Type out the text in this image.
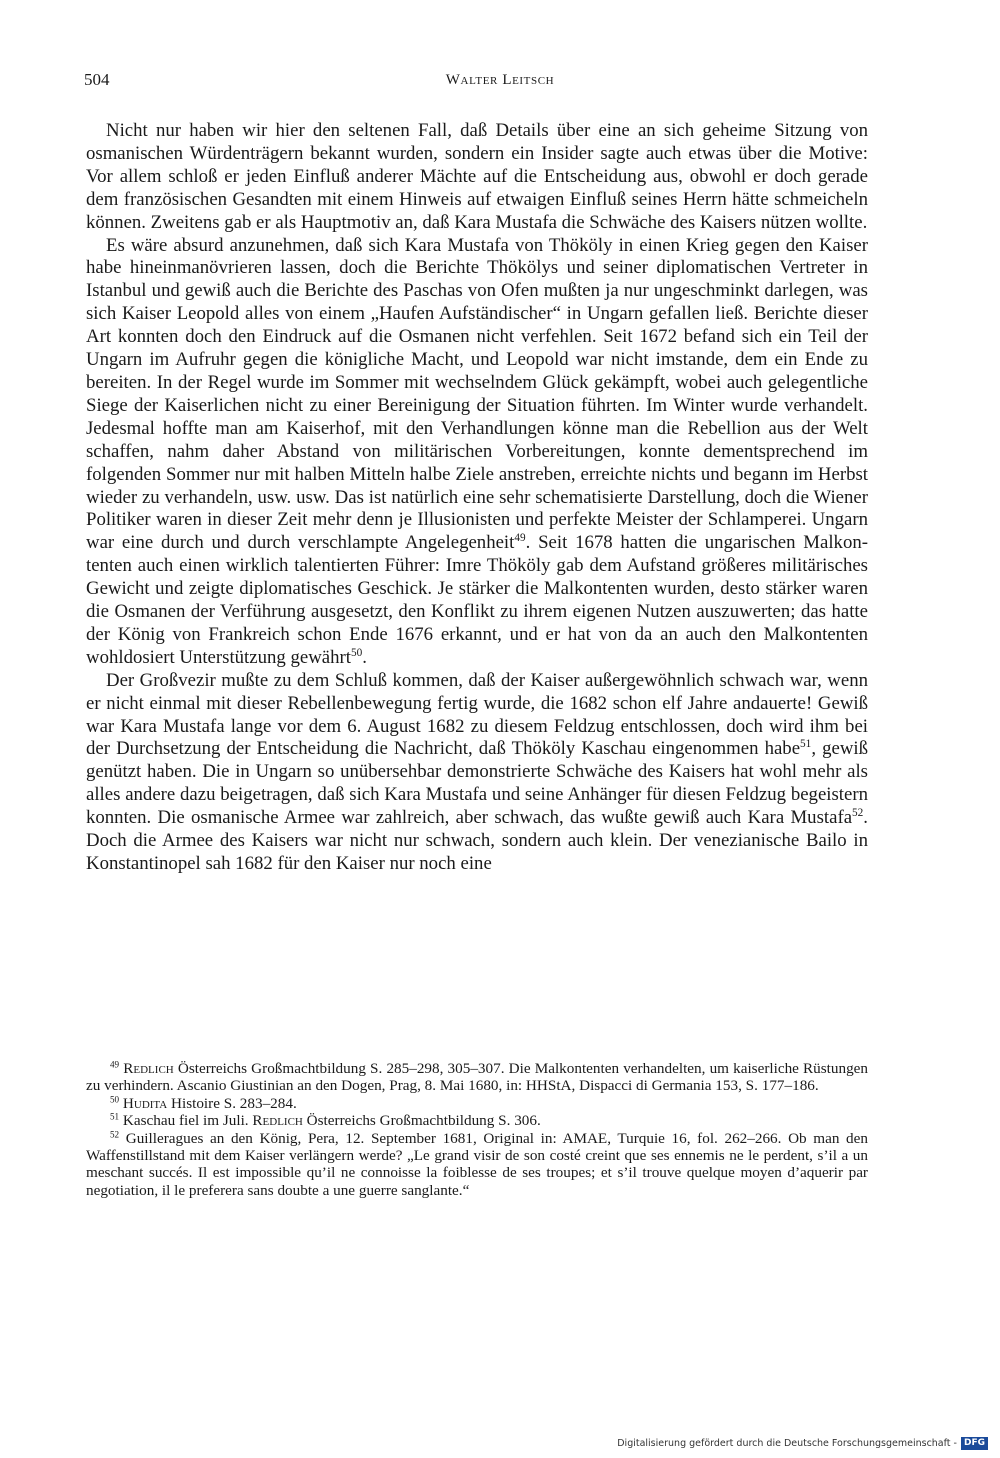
504	Walter Leitsch

Nicht nur haben wir hier den seltenen Fall, daß Details über eine an sich geheime Sitzung von osmanischen Würdenträgern bekannt wurden, sondern ein Insider sagte auch etwas über die Motive: Vor allem schloß er jeden Einfluß anderer Mächte auf die Entscheidung aus, obwohl er doch gerade dem französischen Gesandten mit einem Hinweis auf etwaigen Einfluß seines Herrn hätte schmeicheln können. Zweitens gab er als Hauptmotiv an, daß Kara Mustafa die Schwäche des Kaisers nützen wollte.

Es wäre absurd anzunehmen, daß sich Kara Mustafa von Thököly in einen Krieg gegen den Kaiser habe hineinmanövrieren lassen, doch die Berichte Thökölys und seiner diplomatischen Vertreter in Istanbul und gewiß auch die Berichte des Paschas von Ofen mußten ja nur ungeschminkt darlegen, was sich Kaiser Leopold alles von einem „Haufen Aufständischer“ in Ungarn gefallen ließ. Berichte dieser Art konnten doch den Eindruck auf die Osmanen nicht verfehlen. Seit 1672 befand sich ein Teil der Ungarn im Aufruhr gegen die königliche Macht, und Leopold war nicht imstande, dem ein Ende zu bereiten. In der Regel wurde im Sommer mit wechselndem Glück gekämpft, wobei auch gelegentliche Siege der Kaiserlichen nicht zu einer Bereinigung der Situation führten. Im Winter wurde verhandelt. Jedesmal hoffte man am Kaiserhof, mit den Verhandlungen könne man die Rebellion aus der Welt schaffen, nahm daher Abstand von militärischen Vorbereitungen, konnte dementsprechend im folgenden Sommer nur mit halben Mitteln halbe Ziele anstreben, erreichte nichts und begann im Herbst wieder zu verhandeln, usw. usw. Das ist natürlich eine sehr schematisierte Darstellung, doch die Wiener Politiker waren in dieser Zeit mehr denn je Illusionisten und perfekte Meister der Schlamperei. Ungarn war eine durch und durch verschlampte Angelegenheit$^{49}$. Seit 1678 hatten die ungarischen Malkontenten auch einen wirklich talentierten Führer: Imre Thököly gab dem Aufstand größeres militärisches Gewicht und zeigte diplomatisches Geschick. Je stärker die Malkontenten wurden, desto stärker waren die Osmanen der Verführung ausgesetzt, den Konflikt zu ihrem eigenen Nutzen auszuwerten; das hatte der König von Frankreich schon Ende 1676 erkannt, und er hat von da an auch den Malkontenten wohldosiert Unterstützung gewährt$^{50}$.

Der Großvezir mußte zu dem Schluß kommen, daß der Kaiser außergewöhnlich schwach war, wenn er nicht einmal mit dieser Rebellenbewegung fertig wurde, die 1682 schon elf Jahre andauerte! Gewiß war Kara Mustafa lange vor dem 6. August 1682 zu diesem Feldzug entschlossen, doch wird ihm bei der Durchsetzung der Entscheidung die Nachricht, daß Thököly Kaschau eingenommen habe$^{51}$, gewiß genützt haben. Die in Ungarn so unübersehbar demonstrierte Schwäche des Kaisers hat wohl mehr als alles andere dazu beigetragen, daß sich Kara Mustafa und seine Anhänger für diesen Feldzug begeistern konnten. Die osmanische Armee war zahlreich, aber schwach, das wußte gewiß auch Kara Mustafa$^{52}$. Doch die Armee des Kaisers war nicht nur schwach, sondern auch klein. Der venezianische Bailo in Konstantinopel sah 1682 für den Kaiser nur noch eine

$^{49}$ Redlich Österreichs Großmachtbildung S. 285–298, 305–307. Die Malkontenten verhandelten, um kaiserliche Rüstungen zu verhindern. Ascanio Giustinian an den Dogen, Prag, 8. Mai 1680, in: HHStA, Dispacci di Germania 153, S. 177–186.

$^{50}$ Hudita Histoire S. 283–284.

$^{51}$ Kaschau fiel im Juli. Redlich Österreichs Großmachtbildung S. 306.

$^{52}$ Guilleragues an den König, Pera, 12. September 1681, Original in: AMAE, Turquie 16, fol. 262–266. Ob man den Waffenstillstand mit dem Kaiser verlängern werde? „Le grand visir de son costé creint que ses ennemis ne le perdent, s’il a un meschant succés. Il est impossible qu’il ne connoisse la foiblesse de ses troupes; et s’il trouve quelque moyen d’aquerir par negotiation, il le preferera sans doubte a une guerre sanglante.“

Digitalisierung gefördert durch die Deutsche Forschungsgemeinschaft - DFG
